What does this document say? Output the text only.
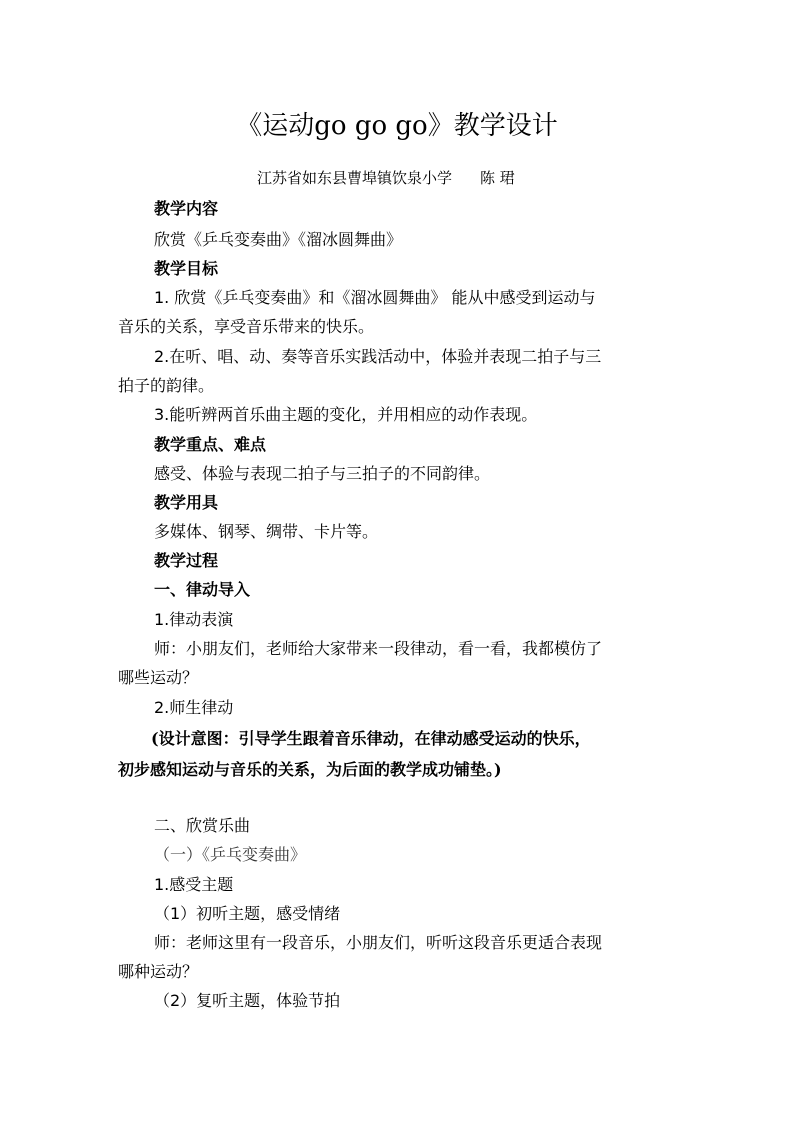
《运动go go go》教学设计
江苏省如东县曹埠镇饮泉小学 陈 珺
教学内容
欣赏《乒乓变奏曲》《溜冰圆舞曲》
教学目标
1. 欣赏《乒乓变奏曲》和《溜冰圆舞曲》 能从中感受到运动与
音乐的关系，享受音乐带来的快乐。
2.在听、唱、动、奏等音乐实践活动中，体验并表现二拍子与三
拍子的韵律。
3.能听辨两首乐曲主题的变化，并用相应的动作表现。
教学重点、难点
感受、体验与表现二拍子与三拍子的不同韵律。
教学用具
多媒体、钢琴、绸带、卡片等。
教学过程
一、律动导入
1.律动表演
师：小朋友们，老师给大家带来一段律动，看一看，我都模仿了
哪些运动？
2.师生律动
(设计意图：引导学生跟着音乐律动，在律动感受运动的快乐，
初步感知运动与音乐的关系，为后面的教学成功铺垫。)
二、欣赏乐曲
（一）《乒乓变奏曲》
1.感受主题
（1）初听主题，感受情绪
师：老师这里有一段音乐，小朋友们，听听这段音乐更适合表现
哪种运动？
（2）复听主题，体验节拍
